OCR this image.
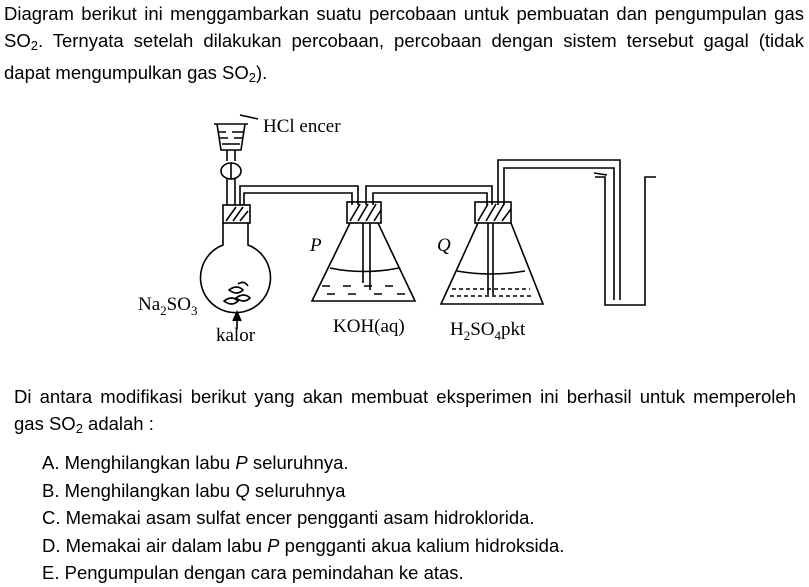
Diagram berikut ini menggambarkan suatu percobaan untuk pembuatan dan pengumpulan gas $SO_2$. Ternyata setelah dilakukan percobaan, percobaan dengan sistem tersebut gagal (tidak dapat mengumpulkan gas $SO_2$).
HCl encer
$Na_2SO_3$
kalor
P	Q
KOH(aq) $H_2SO_4pkt$
Di antara modifikasi berikut yang akan membuat eksperimen ini berhasil untuk memperoleh gas $SO_2$ adalah :
A. Menghilangkan labu P seluruhnya.
B. Menghilangkan labu Q seluruhnya
C. Memakai asam sulfat encer pengganti asam hidroklorida.
D. Memakai air dalam labu P pengganti akua kalium hidroksida.
E. Pengumpulan dengan cara pemindahan ke atas.
